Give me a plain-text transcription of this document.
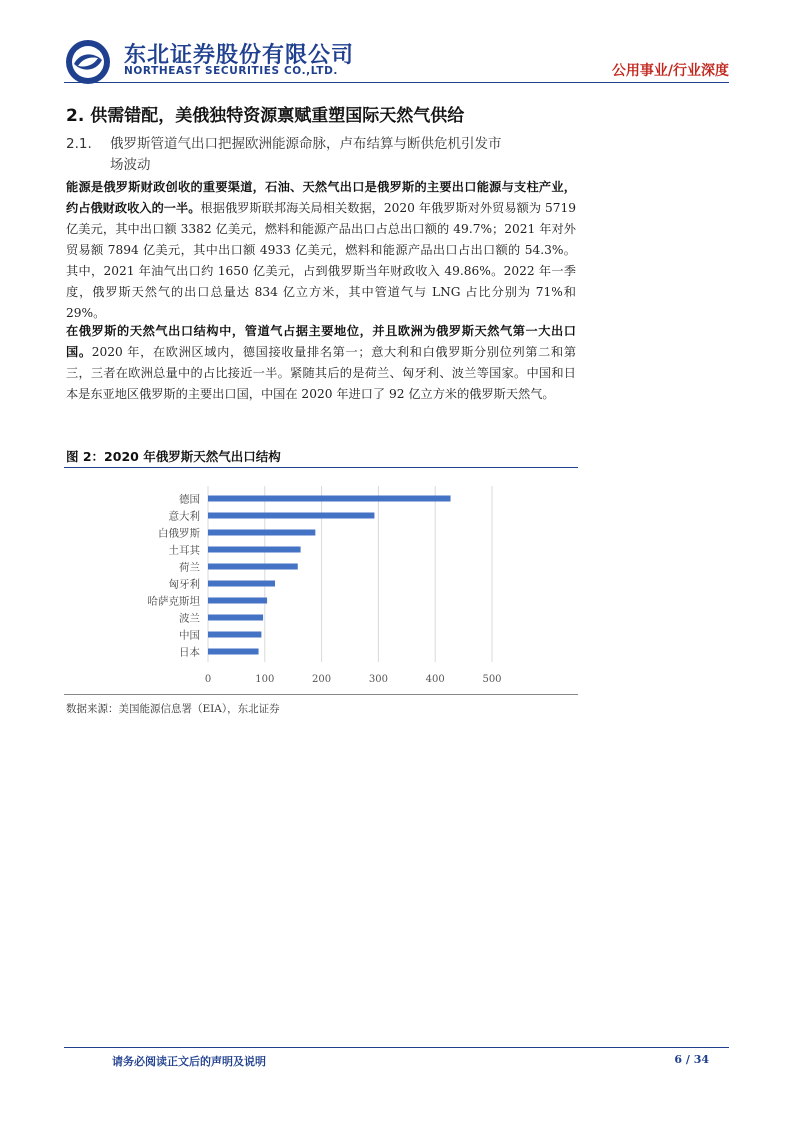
东北证券股份有限公司
NORTHEAST SECURITIES CO.,LTD.	公用事业/行业深度
2. 供需错配，美俄独特资源禀赋重塑国际天然气供给
2.1. 俄罗斯管道气出口把握欧洲能源命脉，卢布结算与断供危机引发市
场波动
能源是俄罗斯财政创收的重要渠道，石油、天然气出口是俄罗斯的主要出口能源与支柱产业，约占俄财政收入的一半。根据俄罗斯联邦海关局相关数据，2020 年俄罗斯对外贸易额为 5719 亿美元，其中出口额 3382 亿美元，燃料和能源产品出口占总出口额的 49.7%；2021 年对外贸易额 7894 亿美元，其中出口额 4933 亿美元，燃料和能源产品出口占出口额的 54.3%。其中，2021 年油气出口约 1650 亿美元，占到俄罗斯当年财政收入 49.86%。2022 年一季度，俄罗斯天然气的出口总量达 834 亿立方米，其中管道气与 LNG 占比分别为 71%和 29%。
在俄罗斯的天然气出口结构中，管道气占据主要地位，并且欧洲为俄罗斯天然气第一大出口国。2020 年，在欧洲区域内，德国接收量排名第一；意大利和白俄罗斯分别位列第二和第三，三者在欧洲总量中的占比接近一半。紧随其后的是荷兰、匈牙利、波兰等国家。中国和日本是东亚地区俄罗斯的主要出口国，中国在 2020 年进口了 92 亿立方米的俄罗斯天然气。
图 2：2020 年俄罗斯天然气出口结构
0	100	200	300	400	500
德国
意大利
白俄罗斯
土耳其
荷兰
匈牙利
哈萨克斯坦
波兰
中国
日本
数据来源：美国能源信息署（EIA），东北证券
请务必阅读正文后的声明及说明	6 / 34
